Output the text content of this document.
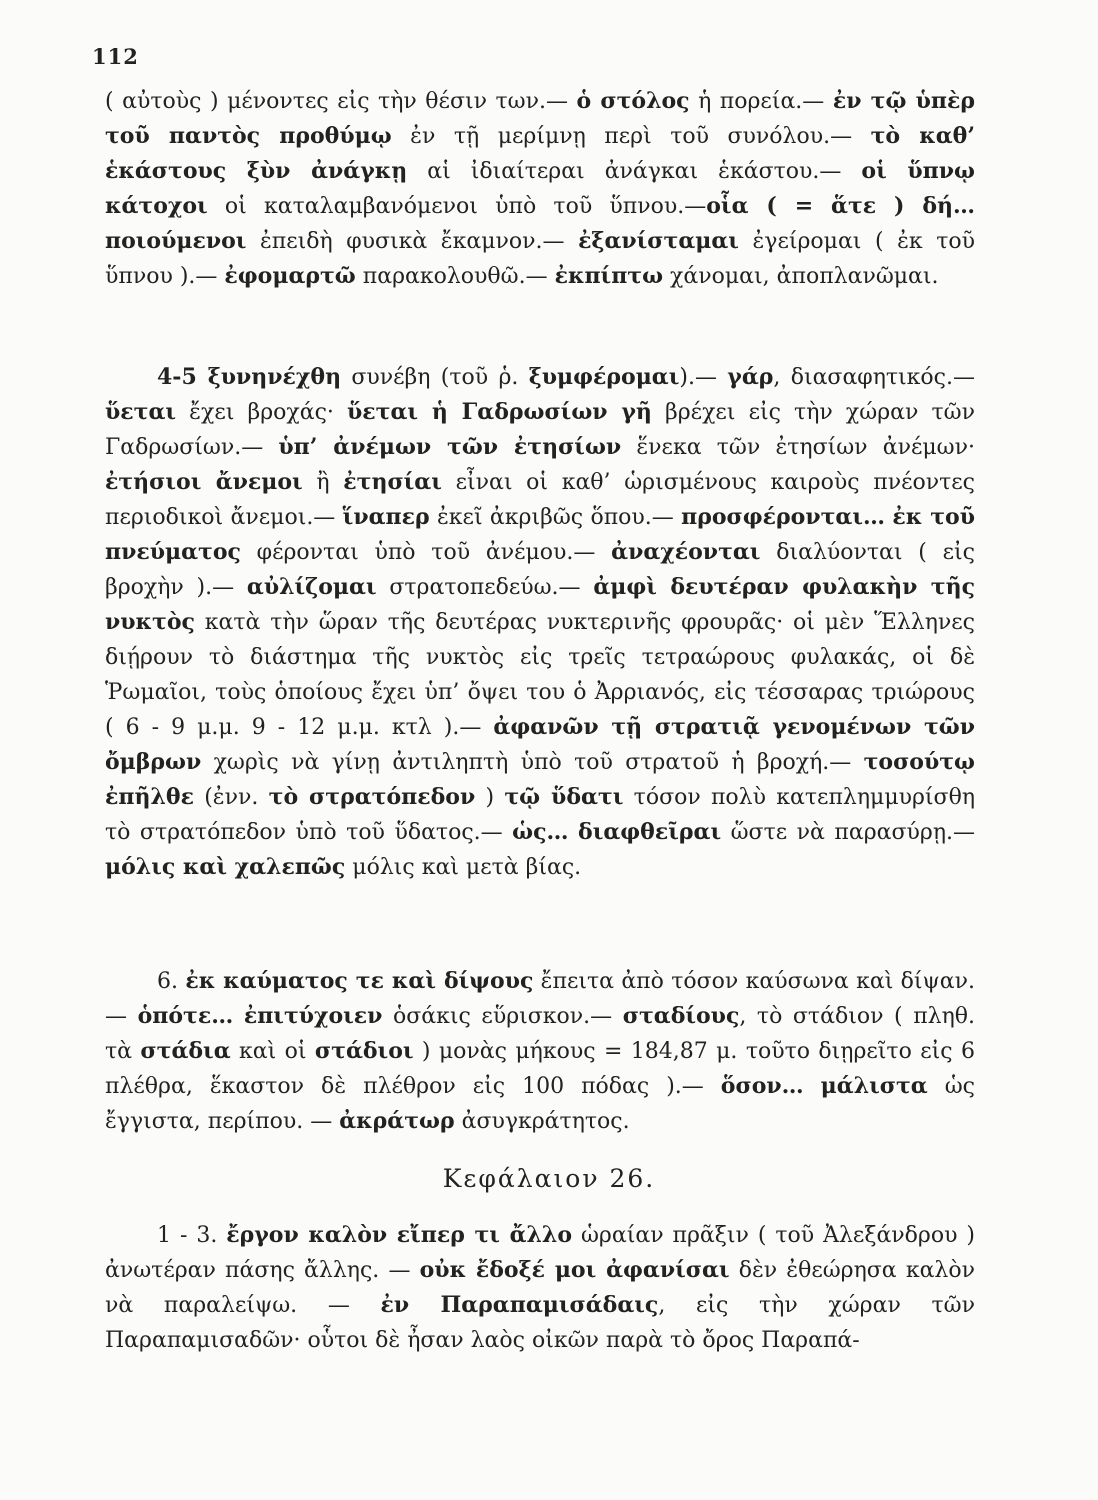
112
( αὐτοὺς ) μένοντες εἰς τὴν θέσιν των.— ὁ στόλος ἡ πορεία.— ἐν τῷ ὑπὲρ τοῦ παντὸς προθύμῳ ἐν τῇ μερίμνῃ περὶ τοῦ συνόλου.— τὸ καθ’ ἑκάστους ξὺν ἀνάγκῃ αἱ ἰδιαίτεραι ἀνάγκαι ἑκάστου.— οἱ ὕπνῳ κάτοχοι οἱ καταλαμβανόμενοι ὑπὸ τοῦ ὕπνου.—οἷα ( = ἅτε ) δή… ποιούμενοι ἐπειδὴ φυσικὰ ἔκαμνον.— ἐξανίσταμαι ἐγείρομαι ( ἐκ τοῦ ὕπνου ).— ἐφομαρτῶ παρακολουθῶ.— ἐκπίπτω χάνομαι, ἀποπλανῶμαι.
4-5 ξυνηνέχθη συνέβη (τοῦ ῥ. ξυμφέρομαι).— γάρ, διασαφητικός.— ὕεται ἔχει βροχάς· ὕεται ἡ Γαδρωσίων γῆ βρέχει εἰς τὴν χώραν τῶν Γαδρωσίων.— ὑπ’ ἀνέμων τῶν ἐτησίων ἕνεκα τῶν ἐτησίων ἀνέμων· ἐτήσιοι ἄνεμοι ἢ ἐτησίαι εἶναι οἱ καθ’ ὡρισμένους καιροὺς πνέοντες περιοδικοὶ ἄνεμοι.— ἵναπερ ἐκεῖ ἀκριβῶς ὅπου.— προσφέρονται… ἐκ τοῦ πνεύματος φέρονται ὑπὸ τοῦ ἀνέμου.— ἀναχέονται διαλύονται ( εἰς βροχὴν ).— αὐλίζομαι στρατοπεδεύω.— ἀμφὶ δευτέραν φυλακὴν τῆς νυκτὸς κατὰ τὴν ὥραν τῆς δευτέρας νυκτερινῆς φρουρᾶς· οἱ μὲν Ἕλληνες διῄρουν τὸ διάστημα τῆς νυκτὸς εἰς τρεῖς τετραώρους φυλακάς, οἱ δὲ Ῥωμαῖοι, τοὺς ὁποίους ἔχει ὑπ’ ὄψει του ὁ Ἀρριανός, εἰς τέσσαρας τριώρους ( 6 - 9 μ.μ. 9 - 12 μ.μ. κτλ ).— ἀφανῶν τῇ στρατιᾷ γενομένων τῶν ὄμβρων χωρὶς νὰ γίνῃ ἀντιληπτὴ ὑπὸ τοῦ στρατοῦ ἡ βροχή.— τοσούτῳ ἐπῆλθε (ἐνν. τὸ στρατόπεδον ) τῷ ὕδατι τόσον πολὺ κατεπλημμυρίσθη τὸ στρατόπεδον ὑπὸ τοῦ ὕδατος.— ὡς… διαφθεῖραι ὥστε νὰ παρασύρῃ.— μόλις καὶ χαλεπῶς μόλις καὶ μετὰ βίας.
6. ἐκ καύματος τε καὶ δίψους ἔπειτα ἀπὸ τόσον καύσωνα καὶ δίψαν.— ὁπότε… ἐπιτύχοιεν ὁσάκις εὕρισκον.— σταδίους, τὸ στάδιον ( πληθ. τὰ στάδια καὶ οἱ στάδιοι ) μονὰς μήκους = 184,87 μ. τοῦτο διῃρεῖτο εἰς 6 πλέθρα, ἕκαστον δὲ πλέθρον εἰς 100 πόδας ).— ὅσον… μάλιστα ὡς ἔγγιστα, περίπου. — ἀκράτωρ ἀσυγκράτητος.
Κεφάλαιον 26.
1 - 3. ἔργον καλὸν εἴπερ τι ἄλλο ὡραίαν πρᾶξιν ( τοῦ Ἀλεξάνδρου ) ἀνωτέραν πάσης ἄλλης. — οὐκ ἔδοξέ μοι ἀφανίσαι δὲν ἐθεώρησα καλὸν νὰ παραλείψω. — ἐν Παραπαμισάδαις, εἰς τὴν χώραν τῶν Παραπαμισαδῶν· οὗτοι δὲ ἦσαν λαὸς οἰκῶν παρὰ τὸ ὄρος Παραπά-
